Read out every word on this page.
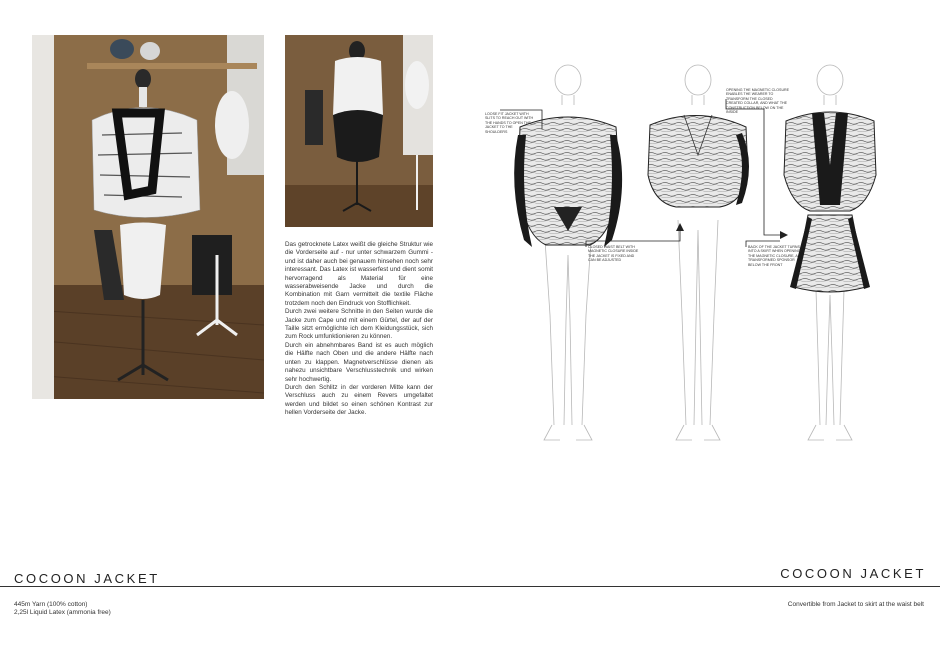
Das getrocknete Latex weißt die gleiche Struktur wie die Vorderseite auf - nur unter schwarzem Gummi - und ist daher auch bei genauem hinsehen noch sehr interessant. Das Latex ist wasserfest und dient somit hervorragend als Material für eine wasserabweisende Jacke und durch die Kombination mit Garn vermittelt die textile Fläche trotzdem noch den Eindruck von Stofflichkeit.

Durch zwei weitere Schnitte in den Seiten wurde die Jacke zum Cape und mit einem Gürtel, der auf der Taille sitzt ermöglichte ich dem Kleidungsstück, sich zum Rock umfunktionieren zu können.

Durch ein abnehmbares Band ist es auch möglich die Hälfte nach Oben und die andere Hälfte nach unten zu klappen. Magnetverschlüsse dienen als nahezu unsichtbare Verschlusstechnik und wirken sehr hochwertig.

Durch den Schlitz in der vorderen Mitte kann der Verschluss auch zu einem Revers umgefaltet werden und bildet so einen schönen Kontrast zur hellen Vorderseite der Jacke.

LOOSE FIT JACKET WITH SLITS TO REACH OUT WITH THE HANDS TO OPEN THE JACKET TO THE SHOULDERS
OPENING THE MAGNETIC CLOSURE ENABLES THE WEARER TO TRANSFORM THE CLOSED CREATED COLLAR, AND WHAT THE CONSTRUCTION BELOW ON THE INSIDE
CLOSED WAIST BELT WITH MAGNETIC CLOSURE INSIDE THE JACKET IS FIXED AND CAN BE ADJUSTED
BACK OF THE JACKET TURNS INTO A SKIRT WHEN OPENING THE MAGNETIC CLOSURE, A TRANSFORMED SPONSOR BELOW THE FRONT
COCOON JACKET	COCOON JACKET
445m Yarn (100% cotton)
2,25l Liquid Latex (ammonia free)
Convertible from Jacket to skirt at the waist belt
